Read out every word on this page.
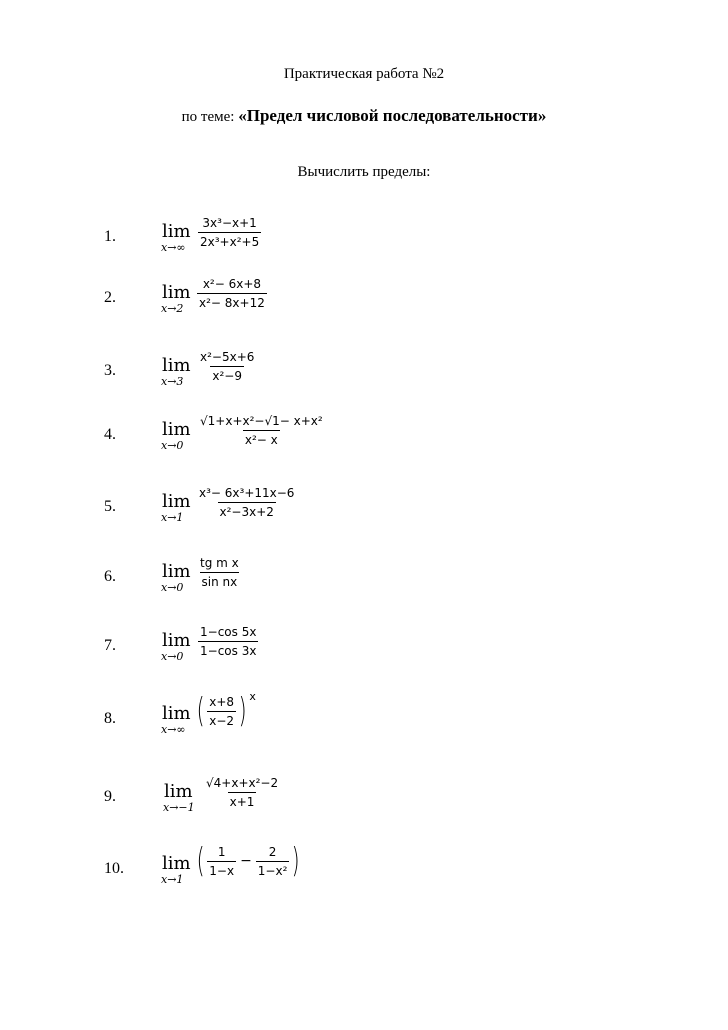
Практическая работа №2
по теме: «Предел числовой последовательности»
Вычислить пределы:
1.	lim
x→∞	$\frac{\text{3x³−x+1}}{\text{2x³+x²+5}}$
2.	lim
x→2	$\frac{\text{x²− 6x+8}}{\text{x²− 8x+12}}$
3.	lim
x→3	$\frac{\text{x²−5x+6}}{\text{x²−9}}$
4.	lim
x→0	$\frac{\text{√1+x+x²−√1− x+x²}}{\text{x²− x}}$
5.	lim
x→1	$\frac{\text{x³− 6x³+11x−6}}{\text{x²−3x+2}}$
6.	lim
x→0	$\frac{\text{tg m x}}{\text{sin nx}}$
7.	lim
x→0	$\frac{1-\cos 5x}{1-\cos 3x}$
8.	lim
x→∞ ( $\frac{x+8}{x-2}$ ) x
9.	lim
$x\to-1 \frac{\text{√4+x+x²−2}}{x+1}$
10. lim
x→1 ( $\frac{1}{1-x} - \frac{2}{\text{1−x²}}$ )
